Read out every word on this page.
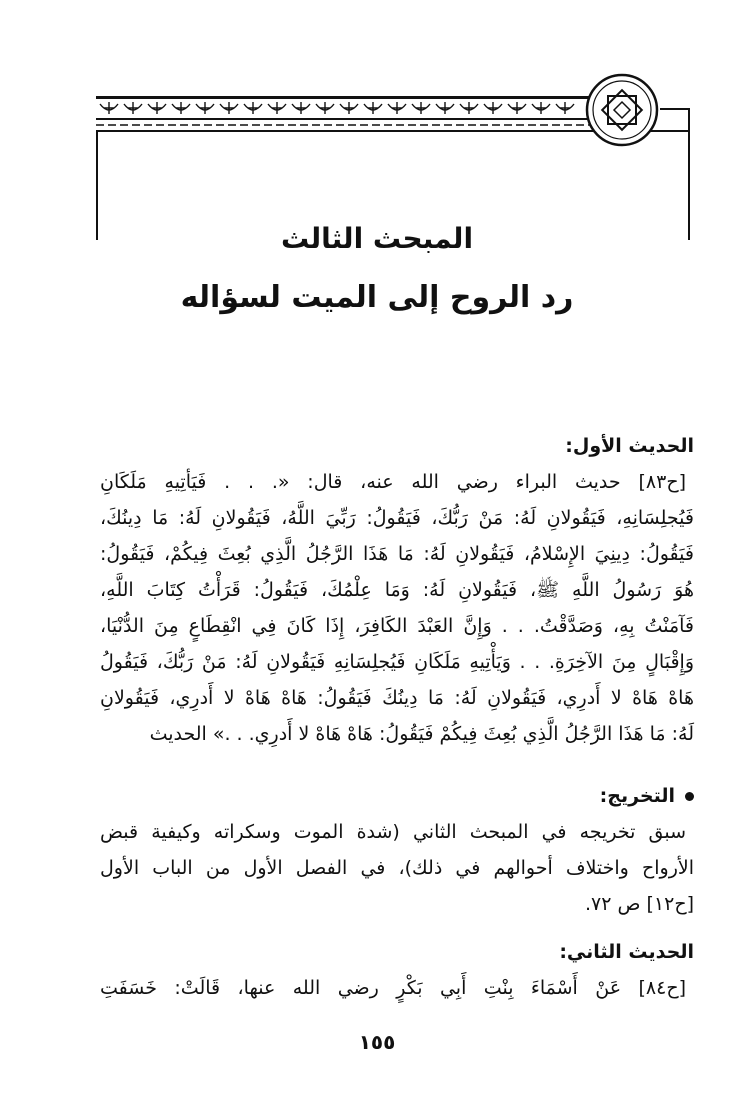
المبحث الثالث
رد الروح إلى الميت لسؤاله
الحديث الأول:
[ح٨٣] حديث البراء رضي الله عنه، قال: «. . . فَيَأتِيهِ مَلَكَانِ
فَيُجلِسَانِهِ، فَيَقُولانِ لَهُ: مَنْ رَبُّكَ، فَيَقُولُ: رَبِّيَ اللَّهُ، فَيَقُولانِ لَهُ: مَا دِينُكَ،
فَيَقُولُ: دِينِيَ الإِسْلامُ، فَيَقُولانِ لَهُ: مَا هَذَا الرَّجُلُ الَّذِي بُعِثَ فِيكُمْ، فَيَقُولُ:
هُوَ رَسُولُ اللَّهِ ﷺ، فَيَقُولانِ لَهُ: وَمَا عِلْمُكَ، فَيَقُولُ: قَرَأْتُ كِتَابَ اللَّهِ،
فَآمَنْتُ بِهِ، وَصَدَّقْتُ. . . وَإِنَّ العَبْدَ الكَافِرَ، إِذَا كَانَ فِي انْقِطَاعٍ مِنَ الدُّنْيَا،
وَإِقْبَالٍ مِنَ الآخِرَةِ. . . وَيَأْتِيهِ مَلَكَانِ فَيُجلِسَانِهِ فَيَقُولانِ لَهُ: مَنْ رَبُّكَ، فَيَقُولُ
هَاهْ هَاهْ لا أَدرِي، فَيَقُولانِ لَهُ: مَا دِينُكَ فَيَقُولُ: هَاهْ هَاهْ لا أَدرِي، فَيَقُولانِ
لَهُ: مَا هَذَا الرَّجُلُ الَّذِي بُعِثَ فِيكُمْ فَيَقُولُ: هَاهْ هَاهْ لا أَدرِي. . .» الحديث
التخريج:
سبق تخريجه في المبحث الثاني (شدة الموت وسكراته وكيفية قبض
الأرواح واختلاف أحوالهم في ذلك)، في الفصل الأول من الباب الأول
[ح١٢] ص ٧٢.
الحديث الثاني:
[ح٨٤] عَنْ أَسْمَاءَ بِنْتِ أَبِي بَكْرٍ رضي الله عنها، قَالَتْ: خَسَفَتِ
١٥٥
